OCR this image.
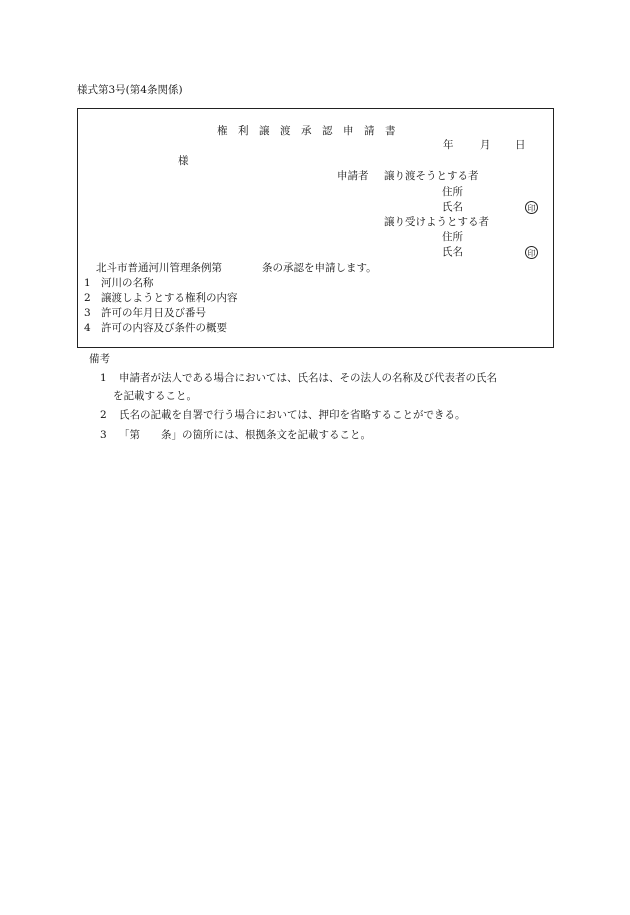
様式第3号(第4条関係)
権　利　譲　渡　承　認　申　請　書
年	月 日
様
申請者 譲り渡そうとする者
住所
氏名	印
譲り受けようとする者
住所
氏名	印
北斗市普通河川管理条例第	条の承認を申請します。
1 河川の名称
2 譲渡しようとする権利の内容
3 許可の年月日及び番号
4 許可の内容及び条件の概要
備考
1 申請者が法人である場合においては、氏名は、その法人の名称及び代表者の氏名
を記載すること。
2 氏名の記載を自署で行う場合においては、押印を省略することができる。
3 「第　　条」の箇所には、根拠条文を記載すること。
